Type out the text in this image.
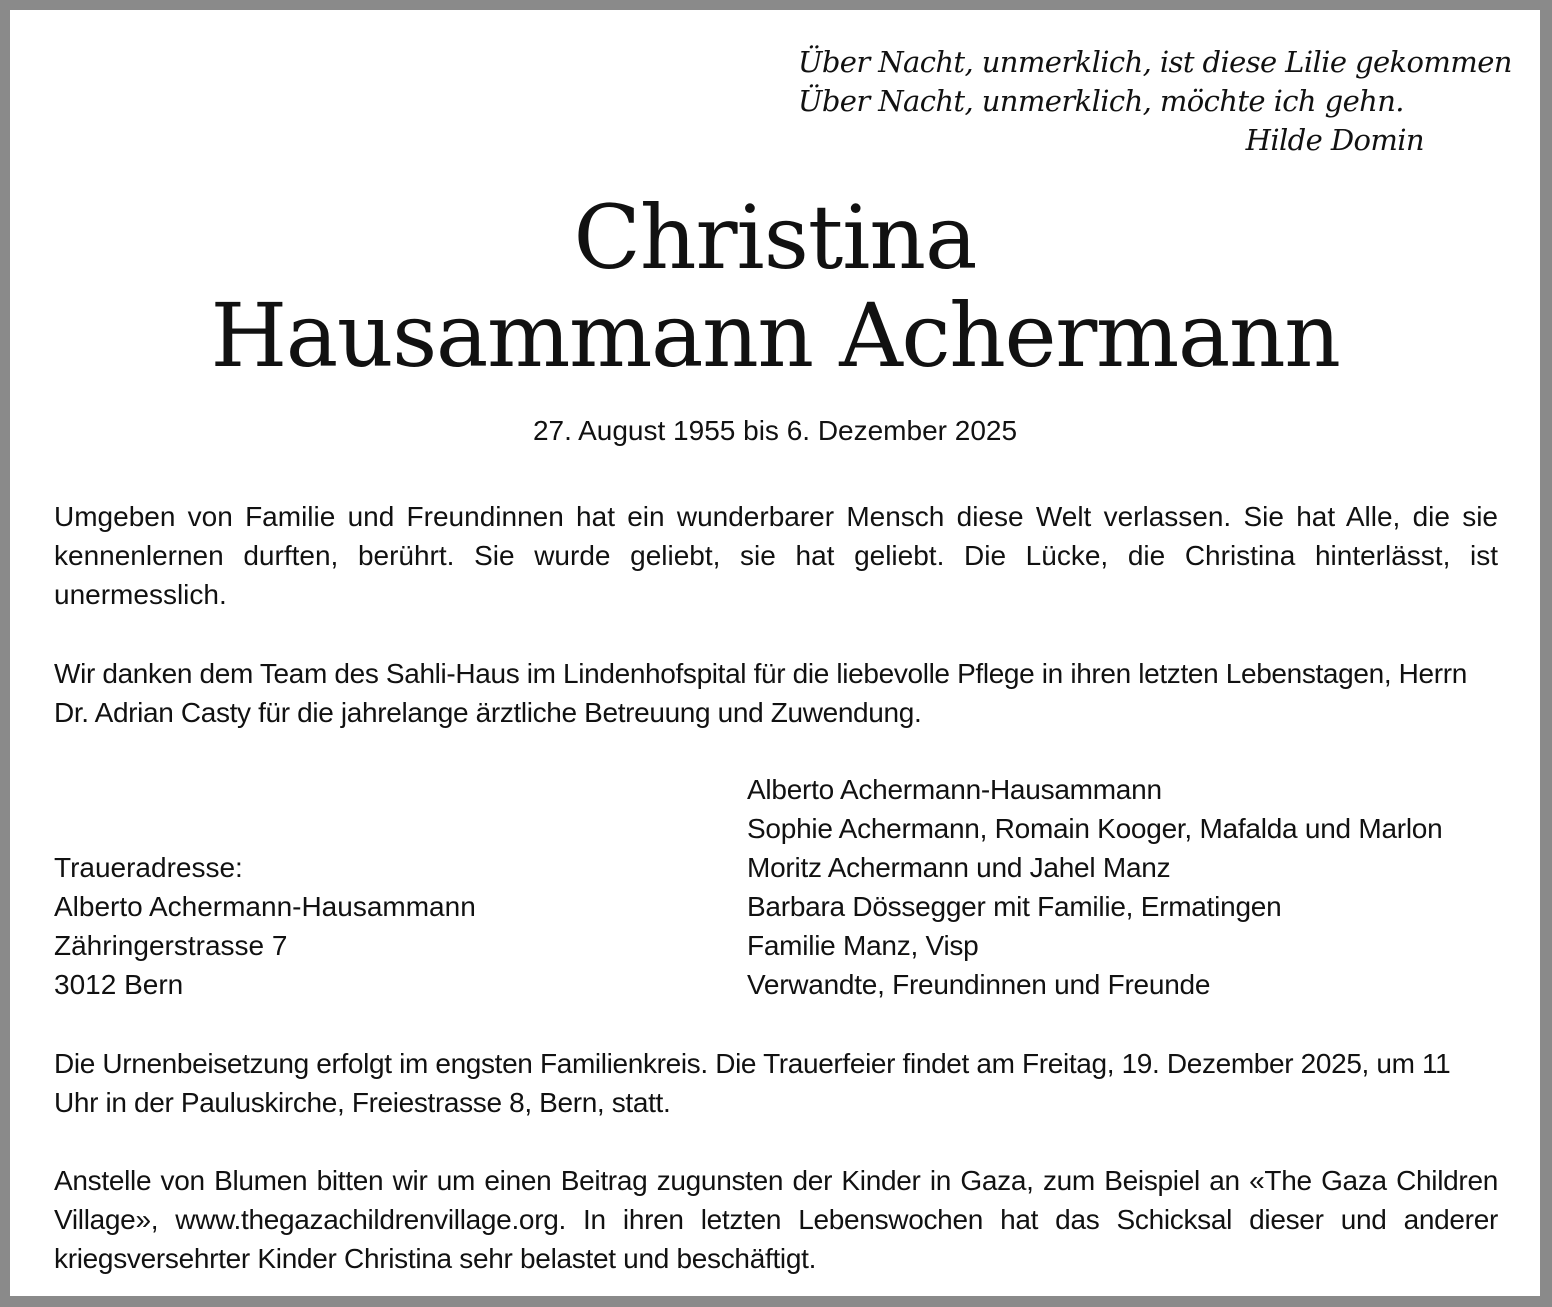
Über Nacht, unmerklich, ist diese Lilie gekommen
Über Nacht, unmerklich, möchte ich gehn.
Hilde Domin
Christina
Hausammann Achermann
27. August 1955 bis 6. Dezember 2025
Umgeben von Familie und Freundinnen hat ein wunderbarer Mensch diese Welt verlassen. Sie hat Alle, die sie kennenlernen durften, berührt. Sie wurde geliebt, sie hat geliebt. Die Lücke, die Christina hinterlässt, ist unermesslich.
Wir danken dem Team des Sahli-Haus im Lindenhofspital für die liebevolle Pflege in ihren letzten Lebenstagen, Herrn Dr. Adrian Casty für die jahrelange ärztliche Betreuung und Zuwendung.
Traueradresse:
Alberto Achermann-Hausammann
Zähringerstrasse 7
3012 Bern
Alberto Achermann-Hausammann
Sophie Achermann, Romain Kooger, Mafalda und Marlon
Moritz Achermann und Jahel Manz
Barbara Dössegger mit Familie, Ermatingen
Familie Manz, Visp
Verwandte, Freundinnen und Freunde
Die Urnenbeisetzung erfolgt im engsten Familienkreis. Die Trauerfeier findet am Freitag, 19. Dezember 2025, um 11 Uhr in der Pauluskirche, Freiestrasse 8, Bern, statt.
Anstelle von Blumen bitten wir um einen Beitrag zugunsten der Kinder in Gaza, zum Beispiel an «The Gaza Children Village», www.thegazachildrenvillage.org. In ihren letzten Lebenswochen hat das Schicksal dieser und anderer kriegsversehrter Kinder Christina sehr belastet und beschäftigt.
